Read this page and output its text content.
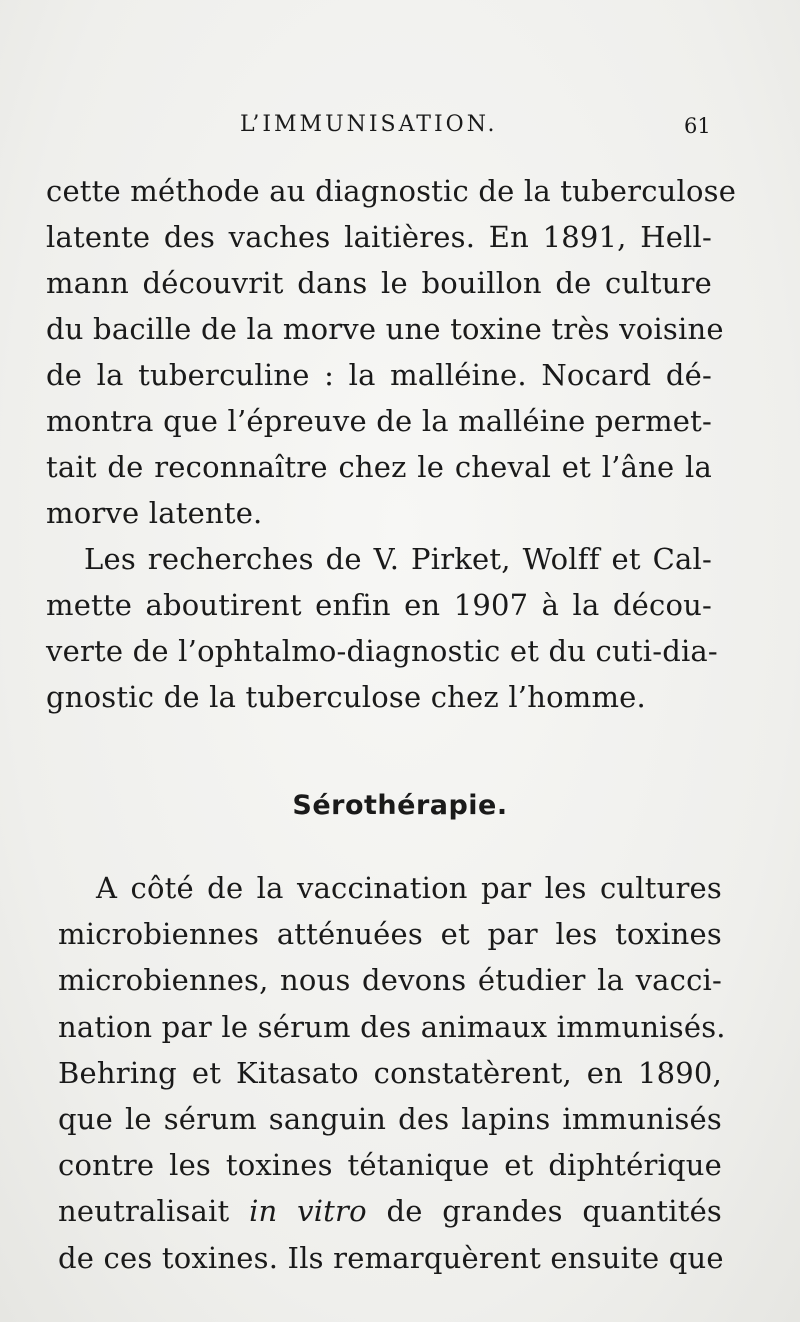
L’IMMUNISATION.	61
cette méthode au diagnostic de la tuberculose
latente des vaches laitières. En 1891, Hell-
mann découvrit dans le bouillon de culture
du bacille de la morve une toxine très voisine
de la tuberculine : la malléine. Nocard dé-
montra que l’épreuve de la malléine permet-
tait de reconnaître chez le cheval et l’âne la
morve latente.
Les recherches de V. Pirket, Wolff et Cal-
mette aboutirent enfin en 1907 à la décou-
verte de l’ophtalmo-diagnostic et du cuti-dia-
gnostic de la tuberculose chez l’homme.
Sérothérapie.
A côté de la vaccination par les cultures
microbiennes atténuées et par les toxines
microbiennes, nous devons étudier la vacci-
nation par le sérum des animaux immunisés.
Behring et Kitasato constatèrent, en 1890,
que le sérum sanguin des lapins immunisés
contre les toxines tétanique et diphtérique
neutralisait in vitro de grandes quantités
de ces toxines. Ils remarquèrent ensuite que
